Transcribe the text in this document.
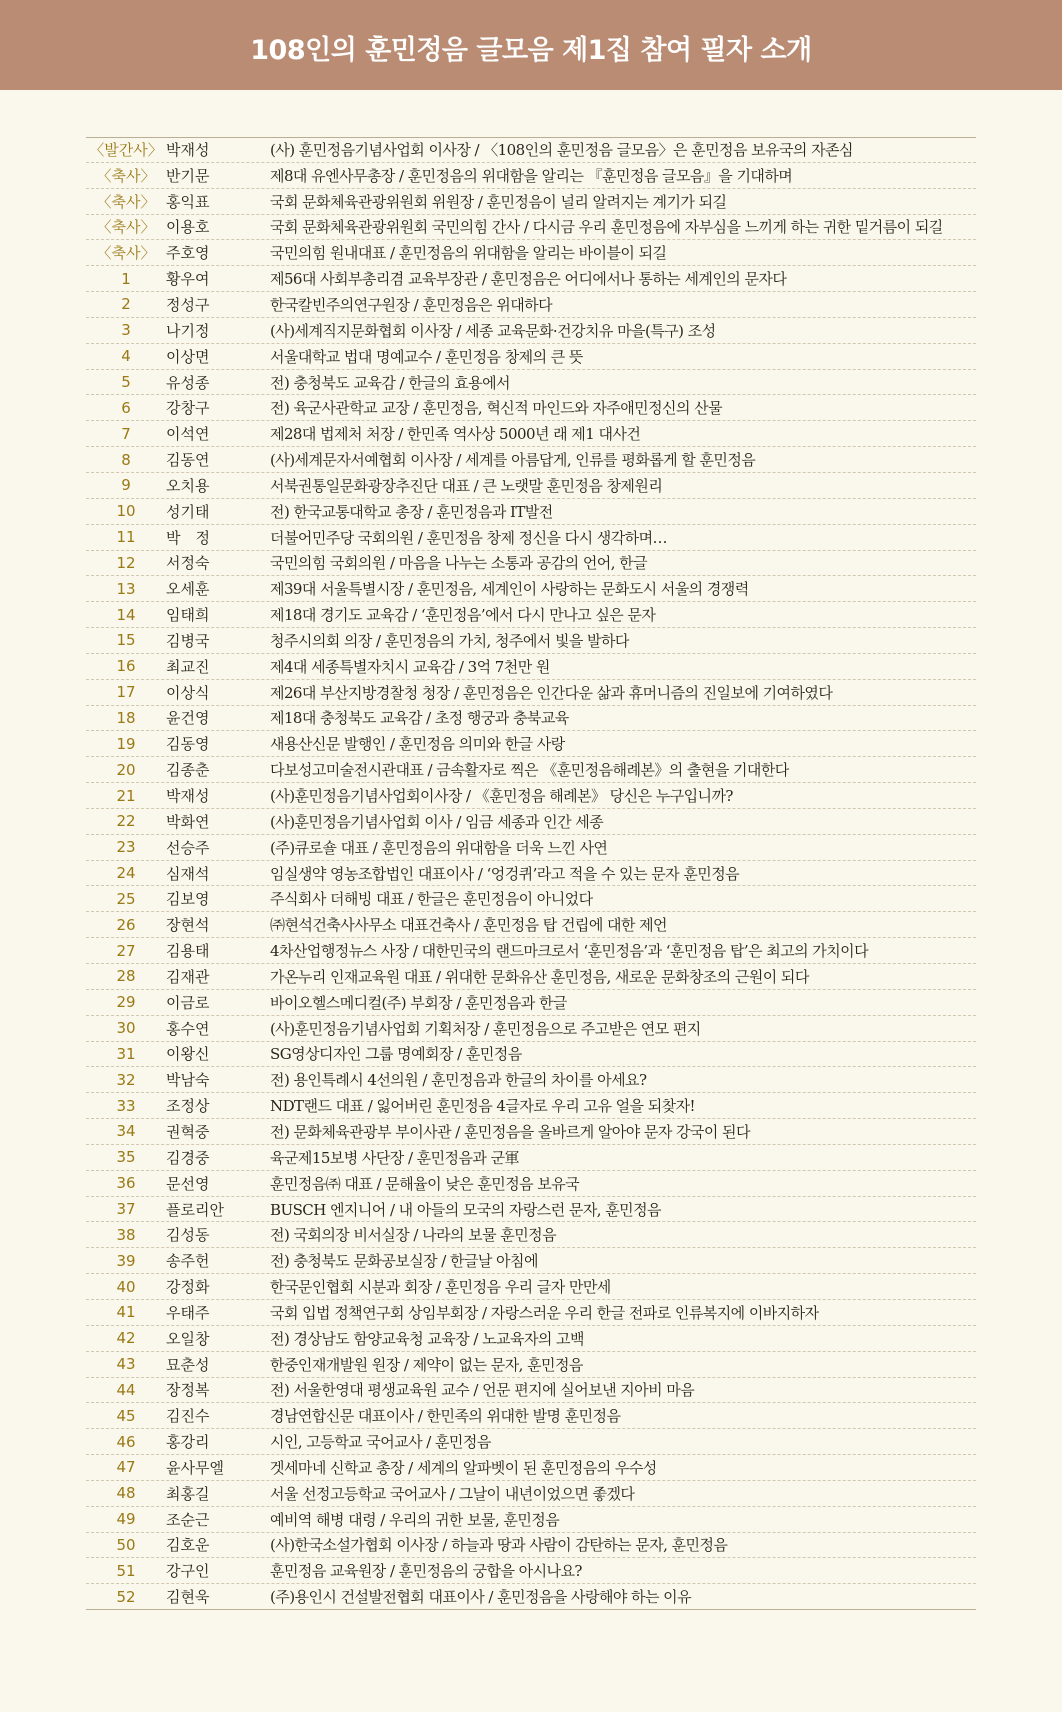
108인의 훈민정음 글모음 제1집 참여 필자 소개
〈발간사〉 박재성	(사) 훈민정음기념사업회 이사장 / 〈108인의 훈민정음 글모음〉은 훈민정음 보유국의 자존심
〈축사〉 반기문	제8대 유엔사무총장 / 훈민정음의 위대함을 알리는 『훈민정음 글모음』을 기대하며
〈축사〉 홍익표	국회 문화체육관광위원회 위원장 / 훈민정음이 널리 알려지는 계기가 되길
〈축사〉 이용호	국회 문화체육관광위원회 국민의힘 간사 / 다시금 우리 훈민정음에 자부심을 느끼게 하는 귀한 밑거름이 되길
〈축사〉 주호영	국민의힘 원내대표 / 훈민정음의 위대함을 알리는 바이블이 되길
1	황우여	제56대 사회부총리겸 교육부장관 / 훈민정음은 어디에서나 통하는 세계인의 문자다
2	정성구	한국칼빈주의연구원장 / 훈민정음은 위대하다
3	나기정	(사)세계직지문화협회 이사장 / 세종 교육문화·건강치유 마을(특구) 조성
4	이상면	서울대학교 법대 명예교수 / 훈민정음 창제의 큰 뜻
5	유성종	전) 충청북도 교육감 / 한글의 효용에서
6	강창구	전) 육군사관학교 교장 / 훈민정음, 혁신적 마인드와 자주애민정신의 산물
7	이석연	제28대 법제처 처장 / 한민족 역사상 5000년 래 제1 대사건
8	김동연	(사)세계문자서예협회 이사장 / 세계를 아름답게, 인류를 평화롭게 할 훈민정음
9	오치용	서북권통일문화광장추진단 대표 / 큰 노랫말 훈민정음 창제원리
10	성기태	전) 한국교통대학교 총장 / 훈민정음과 IT발전
11	박　정	더불어민주당 국회의원 / 훈민정음 창제 정신을 다시 생각하며…
12	서정숙	국민의힘 국회의원 / 마음을 나누는 소통과 공감의 언어, 한글
13	오세훈	제39대 서울특별시장 / 훈민정음, 세계인이 사랑하는 문화도시 서울의 경쟁력
14	임태희	제18대 경기도 교육감 / ‘훈민정음’에서 다시 만나고 싶은 문자
15	김병국	청주시의회 의장 / 훈민정음의 가치, 청주에서 빛을 발하다
16	최교진	제4대 세종특별자치시 교육감 / 3억 7천만 원
17	이상식	제26대 부산지방경찰청 청장 / 훈민정음은 인간다운 삶과 휴머니즘의 진일보에 기여하였다
18	윤건영	제18대 충청북도 교육감 / 초정 행궁과 충북교육
19	김동영	새용산신문 발행인 / 훈민정음 의미와 한글 사랑
20	김종춘	다보성고미술전시관대표 / 금속활자로 찍은 《훈민정음해례본》의 출현을 기대한다
21	박재성	(사)훈민정음기념사업회이사장 / 《훈민정음 해례본》 당신은 누구입니까?
22	박화연	(사)훈민정음기념사업회 이사 / 임금 세종과 인간 세종
23	선승주	(주)큐로숄 대표 / 훈민정음의 위대함을 더욱 느낀 사연
24	심재석	임실생약 영농조합법인 대표이사 / ‘엉겅퀴’라고 적을 수 있는 문자 훈민정음
25	김보영	주식회사 더해빙 대표 / 한글은 훈민정음이 아니었다
26	장현석	㈜현석건축사사무소 대표건축사 / 훈민정음 탑 건립에 대한 제언
27	김용태	4차산업행정뉴스 사장 / 대한민국의 랜드마크로서 ‘훈민정음’과 ‘훈민정음 탑’은 최고의 가치이다
28	김재관	가온누리 인재교육원 대표 / 위대한 문화유산 훈민정음, 새로운 문화창조의 근원이 되다
29	이금로	바이오헬스메디컬(주) 부회장 / 훈민정음과 한글
30	홍수연	(사)훈민정음기념사업회 기획처장 / 훈민정음으로 주고받은 연모 편지
31	이왕신	SG영상디자인 그룹 명예회장 / 훈민정음
32	박남숙	전) 용인특례시 4선의원 / 훈민정음과 한글의 차이를 아세요?
33	조정상	NDT랜드 대표 / 잃어버린 훈민정음 4글자로 우리 고유 얼을 되찾자!
34	권혁중	전) 문화체육관광부 부이사관 / 훈민정음을 올바르게 알아야 문자 강국이 된다
35	김경중	육군제15보병 사단장 / 훈민정음과 군軍
36	문선영	훈민정음㈜ 대표 / 문해율이 낮은 훈민정음 보유국
37	플로리안	BUSCH 엔지니어 / 내 아들의 모국의 자랑스런 문자, 훈민정음
38	김성동	전) 국회의장 비서실장 / 나라의 보물 훈민정음
39	송주헌	전) 충청북도 문화공보실장 / 한글날 아침에
40	강정화	한국문인협회 시분과 회장 / 훈민정음 우리 글자 만만세
41	우태주	국회 입법 정책연구회 상임부회장 / 자랑스러운 우리 한글 전파로 인류복지에 이바지하자
42	오일창	전) 경상남도 함양교육청 교육장 / 노교육자의 고백
43	묘춘성	한중인재개발원 원장 / 제약이 없는 문자, 훈민정음
44	장정복	전) 서울한영대 평생교육원 교수 / 언문 편지에 실어보낸 지아비 마음
45	김진수	경남연합신문 대표이사 / 한민족의 위대한 발명 훈민정음
46	홍강리	시인, 고등학교 국어교사 / 훈민정음
47	윤사무엘	겟세마네 신학교 총장 / 세계의 알파벳이 된 훈민정음의 우수성
48	최홍길	서울 선정고등학교 국어교사 / 그날이 내년이었으면 좋겠다
49	조순근	예비역 해병 대령 / 우리의 귀한 보물, 훈민정음
50	김호운	(사)한국소설가협회 이사장 / 하늘과 땅과 사람이 감탄하는 문자, 훈민정음
51	강구인	훈민정음 교육원장 / 훈민정음의 궁합을 아시나요?
52	김현욱	(주)용인시 건설발전협회 대표이사 / 훈민정음을 사랑해야 하는 이유
